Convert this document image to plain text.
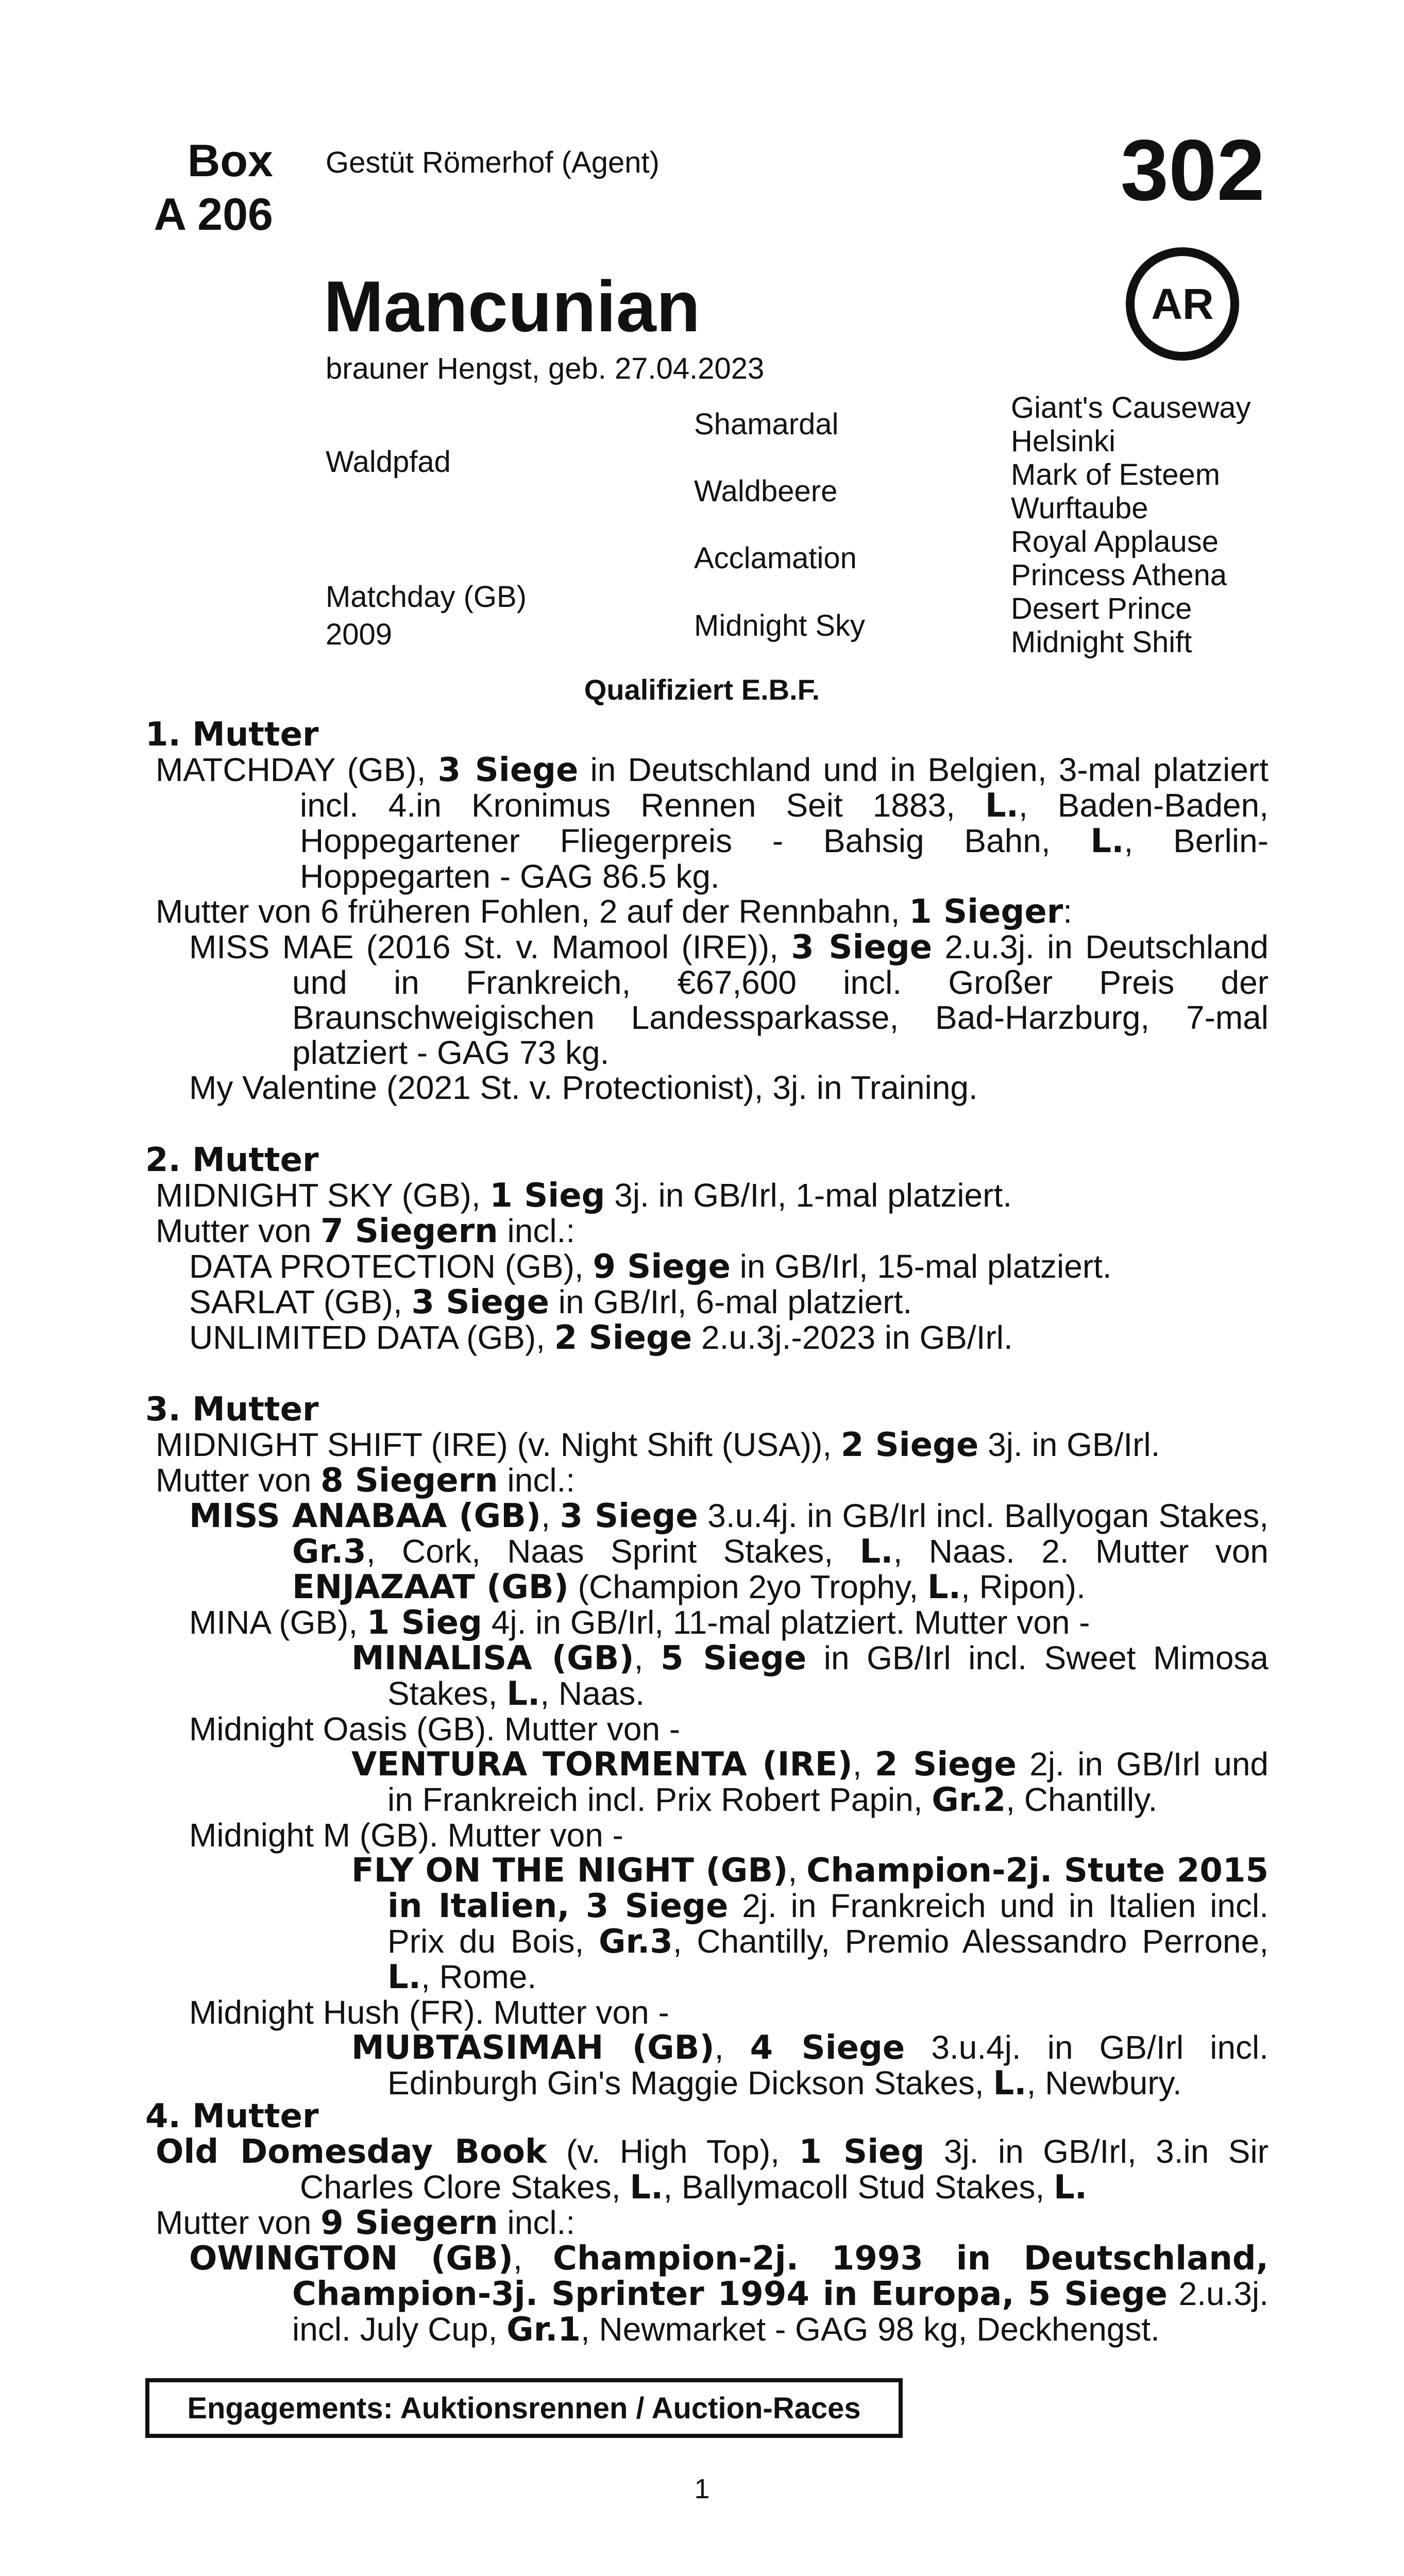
Box
A 206
Gestüt Römerhof (Agent)	302
Mancunian
brauner Hengst, geb. 27.04.2023
AR
Waldpfad
Matchday (GB)
2009
Shamardal
Waldbeere
Acclamation
Midnight Sky
Giant's Causeway
Helsinki
Mark of Esteem
Wurftaube
Royal Applause
Princess Athena
Desert Prince
Midnight Shift
Qualifiziert E.B.F.
1. Mutter

MATCHDAY (GB), 3 Siege in Deutschland und in Belgien, 3-mal platziert incl. 4.in Kronimus Rennen Seit 1883, L., Baden-Baden, Hoppegartener Fliegerpreis - Bahsig Bahn, L., Berlin-Hoppegarten - GAG 86.5 kg.

Mutter von 6 früheren Fohlen, 2 auf der Rennbahn, 1 Sieger:

MISS MAE (2016 St. v. Mamool (IRE)), 3 Siege 2.u.3j. in Deutschland und in Frankreich, €67,600 incl. Großer Preis der Braunschweigischen Landessparkasse, Bad-Harzburg, 7-mal platziert - GAG 73 kg.

My Valentine (2021 St. v. Protectionist), 3j. in Training.

2. Mutter

MIDNIGHT SKY (GB), 1 Sieg 3j. in GB/Irl, 1-mal platziert.

Mutter von 7 Siegern incl.:

DATA PROTECTION (GB), 9 Siege in GB/Irl, 15-mal platziert.

SARLAT (GB), 3 Siege in GB/Irl, 6-mal platziert.

UNLIMITED DATA (GB), 2 Siege 2.u.3j.-2023 in GB/Irl.

3. Mutter

MIDNIGHT SHIFT (IRE) (v. Night Shift (USA)), 2 Siege 3j. in GB/Irl.

Mutter von 8 Siegern incl.:

MISS ANABAA (GB), 3 Siege 3.u.4j. in GB/Irl incl. Ballyogan Stakes, Gr.3, Cork, Naas Sprint Stakes, L., Naas. 2. Mutter von ENJAZAAT (GB) (Champion 2yo Trophy, L., Ripon).

MINA (GB), 1 Sieg 4j. in GB/Irl, 11-mal platziert. Mutter von -

MINALISA (GB), 5 Siege in GB/Irl incl. Sweet Mimosa Stakes, L., Naas.

Midnight Oasis (GB). Mutter von -

VENTURA TORMENTA (IRE), 2 Siege 2j. in GB/Irl und in Frankreich incl. Prix Robert Papin, Gr.2, Chantilly.

Midnight M (GB). Mutter von -

FLY ON THE NIGHT (GB), Champion-2j. Stute 2015 in Italien, 3 Siege 2j. in Frankreich und in Italien incl. Prix du Bois, Gr.3, Chantilly, Premio Alessandro Perrone, L., Rome.

Midnight Hush (FR). Mutter von -

MUBTASIMAH (GB), 4 Siege 3.u.4j. in GB/Irl incl. Edinburgh Gin's Maggie Dickson Stakes, L., Newbury.

4. Mutter

Old Domesday Book (v. High Top), 1 Sieg 3j. in GB/Irl, 3.in Sir Charles Clore Stakes, L., Ballymacoll Stud Stakes, L.

Mutter von 9 Siegern incl.:

OWINGTON (GB), Champion-2j. 1993 in Deutschland, Champion-3j. Sprinter 1994 in Europa, 5 Siege 2.u.3j. incl. July Cup, Gr.1, Newmarket - GAG 98 kg, Deckhengst.

Engagements: Auktionsrennen / Auction-Races
1
